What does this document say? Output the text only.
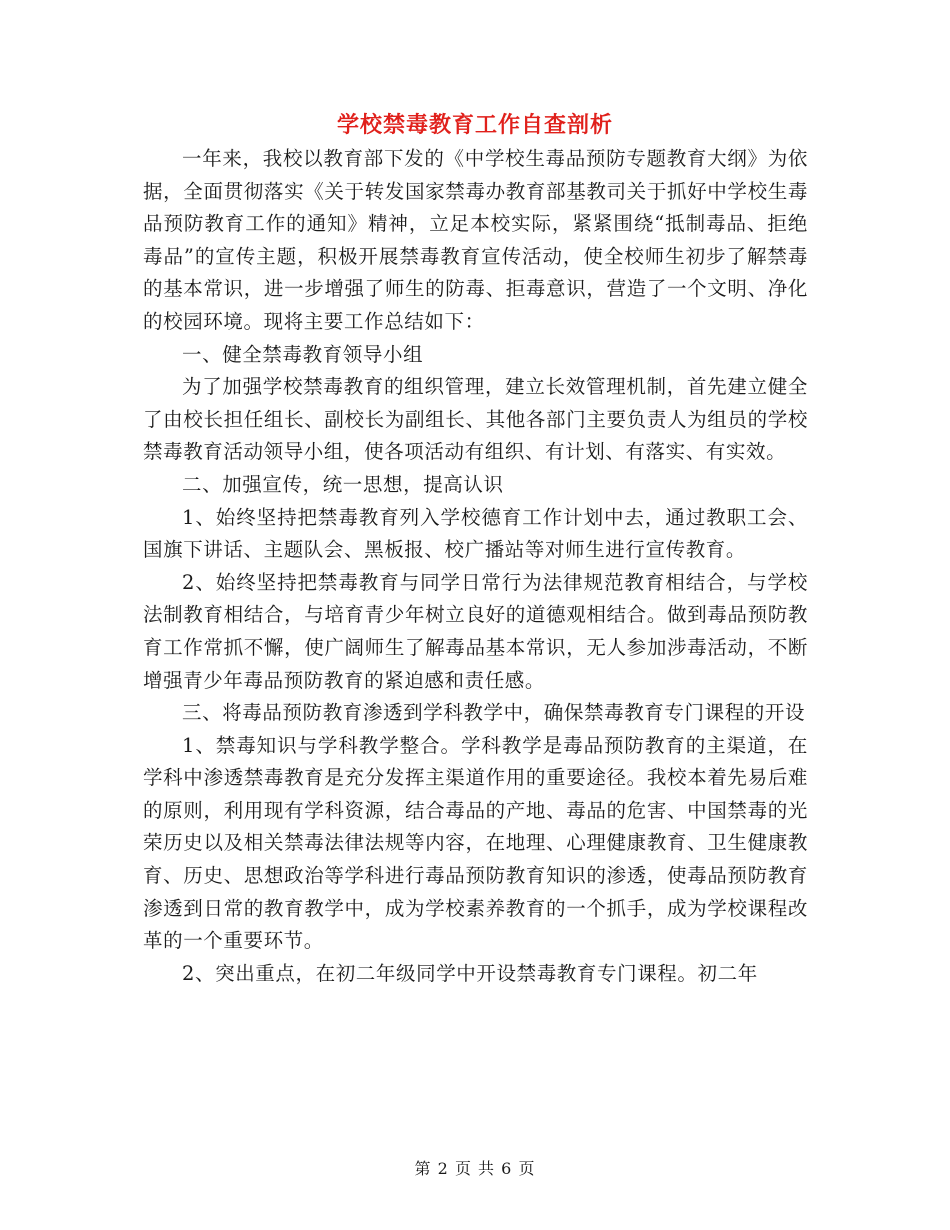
学校禁毒教育工作自查剖析

一年来，我校以教育部下发的《中学校生毒品预防专题教育大纲》为依据，全面贯彻落实《关于转发国家禁毒办教育部基教司关于抓好中学校生毒品预防教育工作的通知》精神，立足本校实际，紧紧围绕“抵制毒品、拒绝毒品”的宣传主题，积极开展禁毒教育宣传活动，使全校师生初步了解禁毒的基本常识，进一步增强了师生的防毒、拒毒意识，营造了一个文明、净化的校园环境。现将主要工作总结如下：

一、健全禁毒教育领导小组

为了加强学校禁毒教育的组织管理，建立长效管理机制，首先建立健全了由校长担任组长、副校长为副组长、其他各部门主要负责人为组员的学校禁毒教育活动领导小组，使各项活动有组织、有计划、有落实、有实效。

二、加强宣传，统一思想，提高认识

1、始终坚持把禁毒教育列入学校德育工作计划中去，通过教职工会、国旗下讲话、主题队会、黑板报、校广播站等对师生进行宣传教育。

2、始终坚持把禁毒教育与同学日常行为法律规范教育相结合，与学校法制教育相结合，与培育青少年树立良好的道德观相结合。做到毒品预防教育工作常抓不懈，使广阔师生了解毒品基本常识，无人参加涉毒活动，不断增强青少年毒品预防教育的紧迫感和责任感。

三、将毒品预防教育渗透到学科教学中，确保禁毒教育专门课程的开设

1、禁毒知识与学科教学整合。学科教学是毒品预防教育的主渠道，在学科中渗透禁毒教育是充分发挥主渠道作用的重要途径。我校本着先易后难的原则，利用现有学科资源，结合毒品的产地、毒品的危害、中国禁毒的光荣历史以及相关禁毒法律法规等内容，在地理、心理健康教育、卫生健康教育、历史、思想政治等学科进行毒品预防教育知识的渗透，使毒品预防教育渗透到日常的教育教学中，成为学校素养教育的一个抓手，成为学校课程改革的一个重要环节。

2、突出重点，在初二年级同学中开设禁毒教育专门课程。初二年

第 2 页 共 6 页
